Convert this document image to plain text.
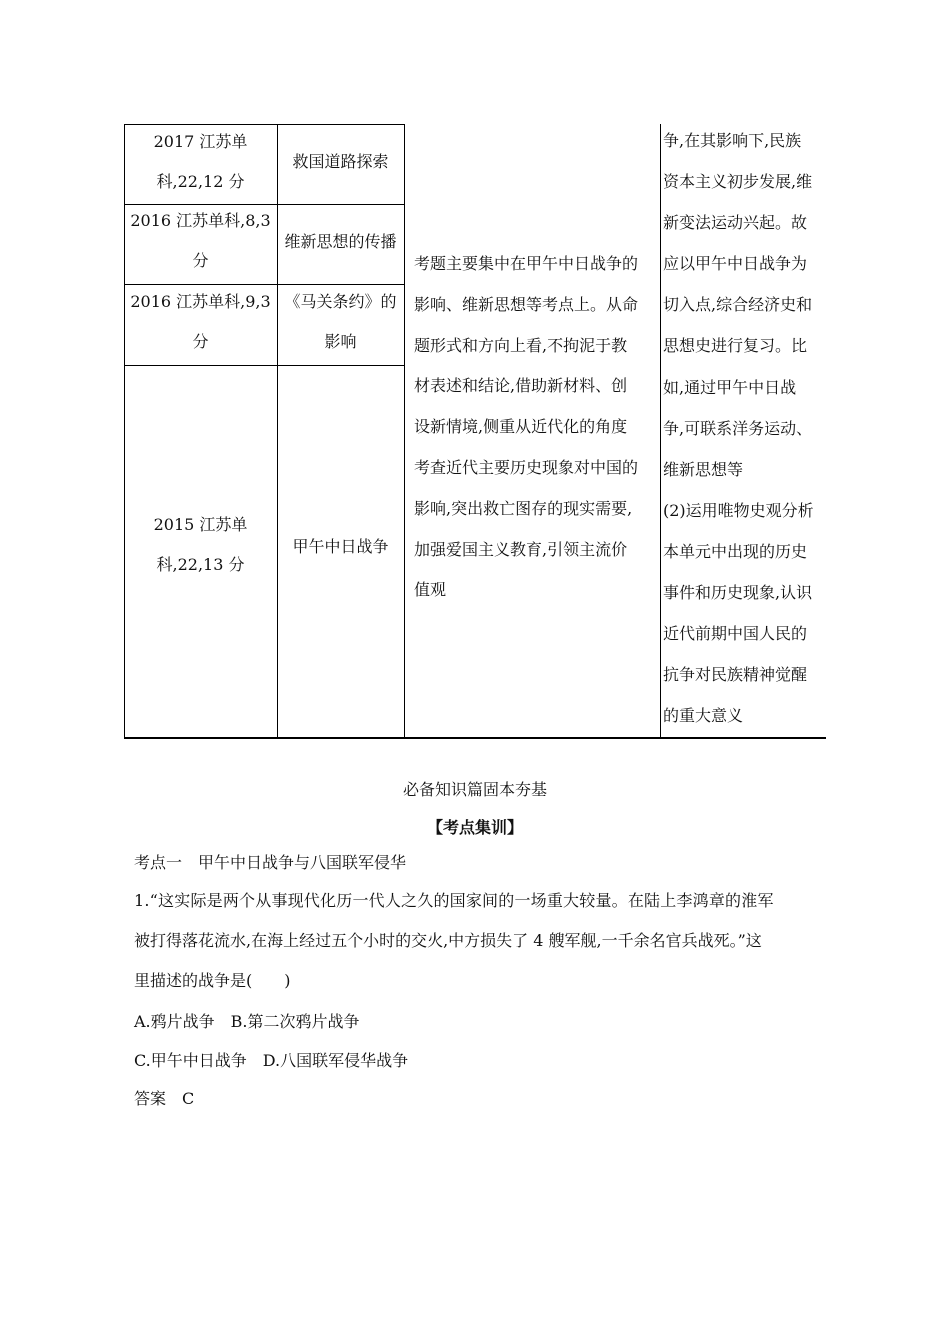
2017 江苏单
科,22,12 分
救国道路探索
2016 江苏单科,8,3
分
维新思想的传播
2016 江苏单科,9,3
分
《马关条约》的
影响
2015 江苏单
科,22,13 分
甲午中日战争
考题主要集中在甲午中日战争的
影响、维新思想等考点上。从命
题形式和方向上看,不拘泥于教
材表述和结论,借助新材料、创
设新情境,侧重从近代化的角度
考查近代主要历史现象对中国的
影响,突出救亡图存的现实需要,
加强爱国主义教育,引领主流价
值观
争,在其影响下,民族
资本主义初步发展,维
新变法运动兴起。故
应以甲午中日战争为
切入点,综合经济史和
思想史进行复习。比
如,通过甲午中日战
争,可联系洋务运动、
维新思想等
(2)运用唯物史观分析
本单元中出现的历史
事件和历史现象,认识
近代前期中国人民的
抗争对民族精神觉醒
的重大意义
必备知识篇固本夯基
【考点集训】
考点一　甲午中日战争与八国联军侵华
1.“这实际是两个从事现代化历一代人之久的国家间的一场重大较量。在陆上李鸿章的淮军
被打得落花流水,在海上经过五个小时的交火,中方损失了 4 艘军舰,一千余名官兵战死。”这
里描述的战争是(　　)
A.鸦片战争　B.第二次鸦片战争
C.甲午中日战争　D.八国联军侵华战争
答案　C
